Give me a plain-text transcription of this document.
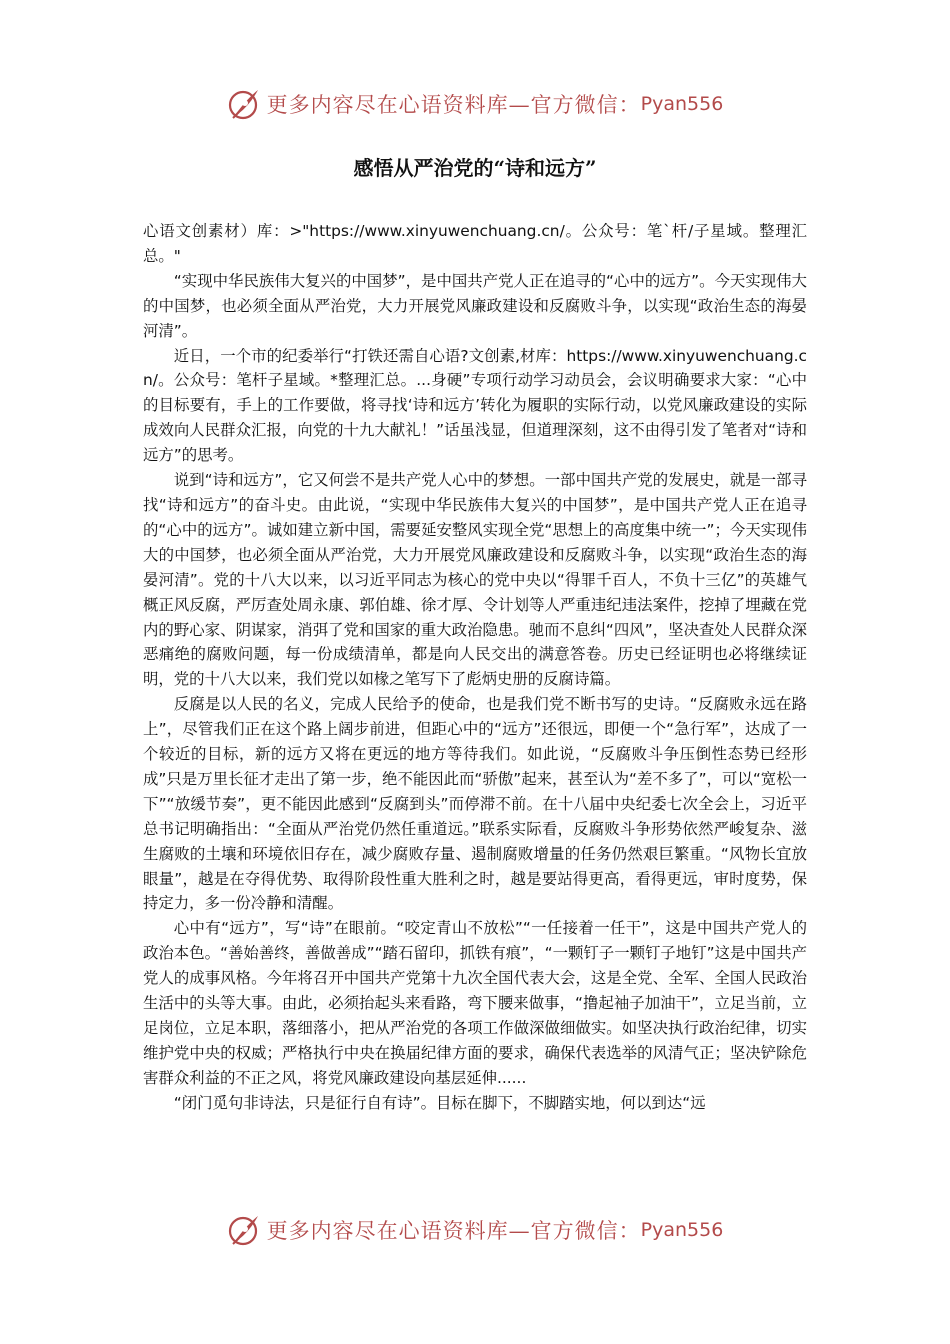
更多内容尽在心语资料库—官方微信： Pyan556
感悟从严治党的“诗和远方”

心语文创素材）库：>"https://www.xinyuwenchuang.cn/。公众号：笔`杆/子星域。整理汇总。"

“实现中华民族伟大复兴的中国梦”，是中国共产党人正在追寻的“心中的远方”。今天实现伟大的中国梦，也必须全面从严治党，大力开展党风廉政建设和反腐败斗争，以实现“政治生态的海晏河清”。

近日，一个市的纪委举行“打铁还需自心语?文创素,材库：https://www.xinyuwenchuang.cn/。公众号：笔杆子星域。*整理汇总。...身硬”专项行动学习动员会，会议明确要求大家：“心中的目标要有，手上的工作要做，将寻找‘诗和远方’转化为履职的实际行动，以党风廉政建设的实际成效向人民群众汇报，向党的十九大献礼！”话虽浅显，但道理深刻，这不由得引发了笔者对“诗和远方”的思考。

说到“诗和远方”，它又何尝不是共产党人心中的梦想。一部中国共产党的发展史，就是一部寻找“诗和远方”的奋斗史。由此说，“实现中华民族伟大复兴的中国梦”，是中国共产党人正在追寻的“心中的远方”。诚如建立新中国，需要延安整风实现全党“思想上的高度集中统一”；今天实现伟大的中国梦，也必须全面从严治党，大力开展党风廉政建设和反腐败斗争，以实现“政治生态的海晏河清”。党的十八大以来，以习近平同志为核心的党中央以“得罪千百人，不负十三亿”的英雄气概正风反腐，严厉查处周永康、郭伯雄、徐才厚、令计划等人严重违纪违法案件，挖掉了埋藏在党内的野心家、阴谋家，消弭了党和国家的重大政治隐患。驰而不息纠“四风”，坚决查处人民群众深恶痛绝的腐败问题，每一份成绩清单，都是向人民交出的满意答卷。历史已经证明也必将继续证明，党的十八大以来，我们党以如椽之笔写下了彪炳史册的反腐诗篇。

反腐是以人民的名义，完成人民给予的使命，也是我们党不断书写的史诗。“反腐败永远在路上”，尽管我们正在这个路上阔步前进，但距心中的“远方”还很远，即便一个“急行军”，达成了一个较近的目标，新的远方又将在更远的地方等待我们。如此说，“反腐败斗争压倒性态势已经形成”只是万里长征才走出了第一步，绝不能因此而“骄傲”起来，甚至认为“差不多了”，可以“宽松一下”“放缓节奏”，更不能因此感到“反腐到头”而停滞不前。在十八届中央纪委七次全会上，习近平总书记明确指出：“全面从严治党仍然任重道远。”联系实际看，反腐败斗争形势依然严峻复杂、滋生腐败的土壤和环境依旧存在，减少腐败存量、遏制腐败增量的任务仍然艰巨繁重。“风物长宜放眼量”，越是在夺得优势、取得阶段性重大胜利之时，越是要站得更高，看得更远，审时度势，保持定力，多一份冷静和清醒。

心中有“远方”，写“诗”在眼前。“咬定青山不放松”“一任接着一任干”，这是中国共产党人的政治本色。“善始善终，善做善成”“踏石留印，抓铁有痕”，“一颗钉子一颗钉子地钉”这是中国共产党人的成事风格。今年将召开中国共产党第十九次全国代表大会，这是全党、全军、全国人民政治生活中的头等大事。由此，必须抬起头来看路，弯下腰来做事，“撸起袖子加油干”，立足当前，立足岗位，立足本职，落细落小，把从严治党的各项工作做深做细做实。如坚决执行政治纪律，切实维护党中央的权威；严格执行中央在换届纪律方面的要求，确保代表选举的风清气正；坚决铲除危害群众利益的不正之风，将党风廉政建设向基层延伸......

“闭门觅句非诗法，只是征行自有诗”。目标在脚下，不脚踏实地，何以到达“远

更多内容尽在心语资料库—官方微信： Pyan556
